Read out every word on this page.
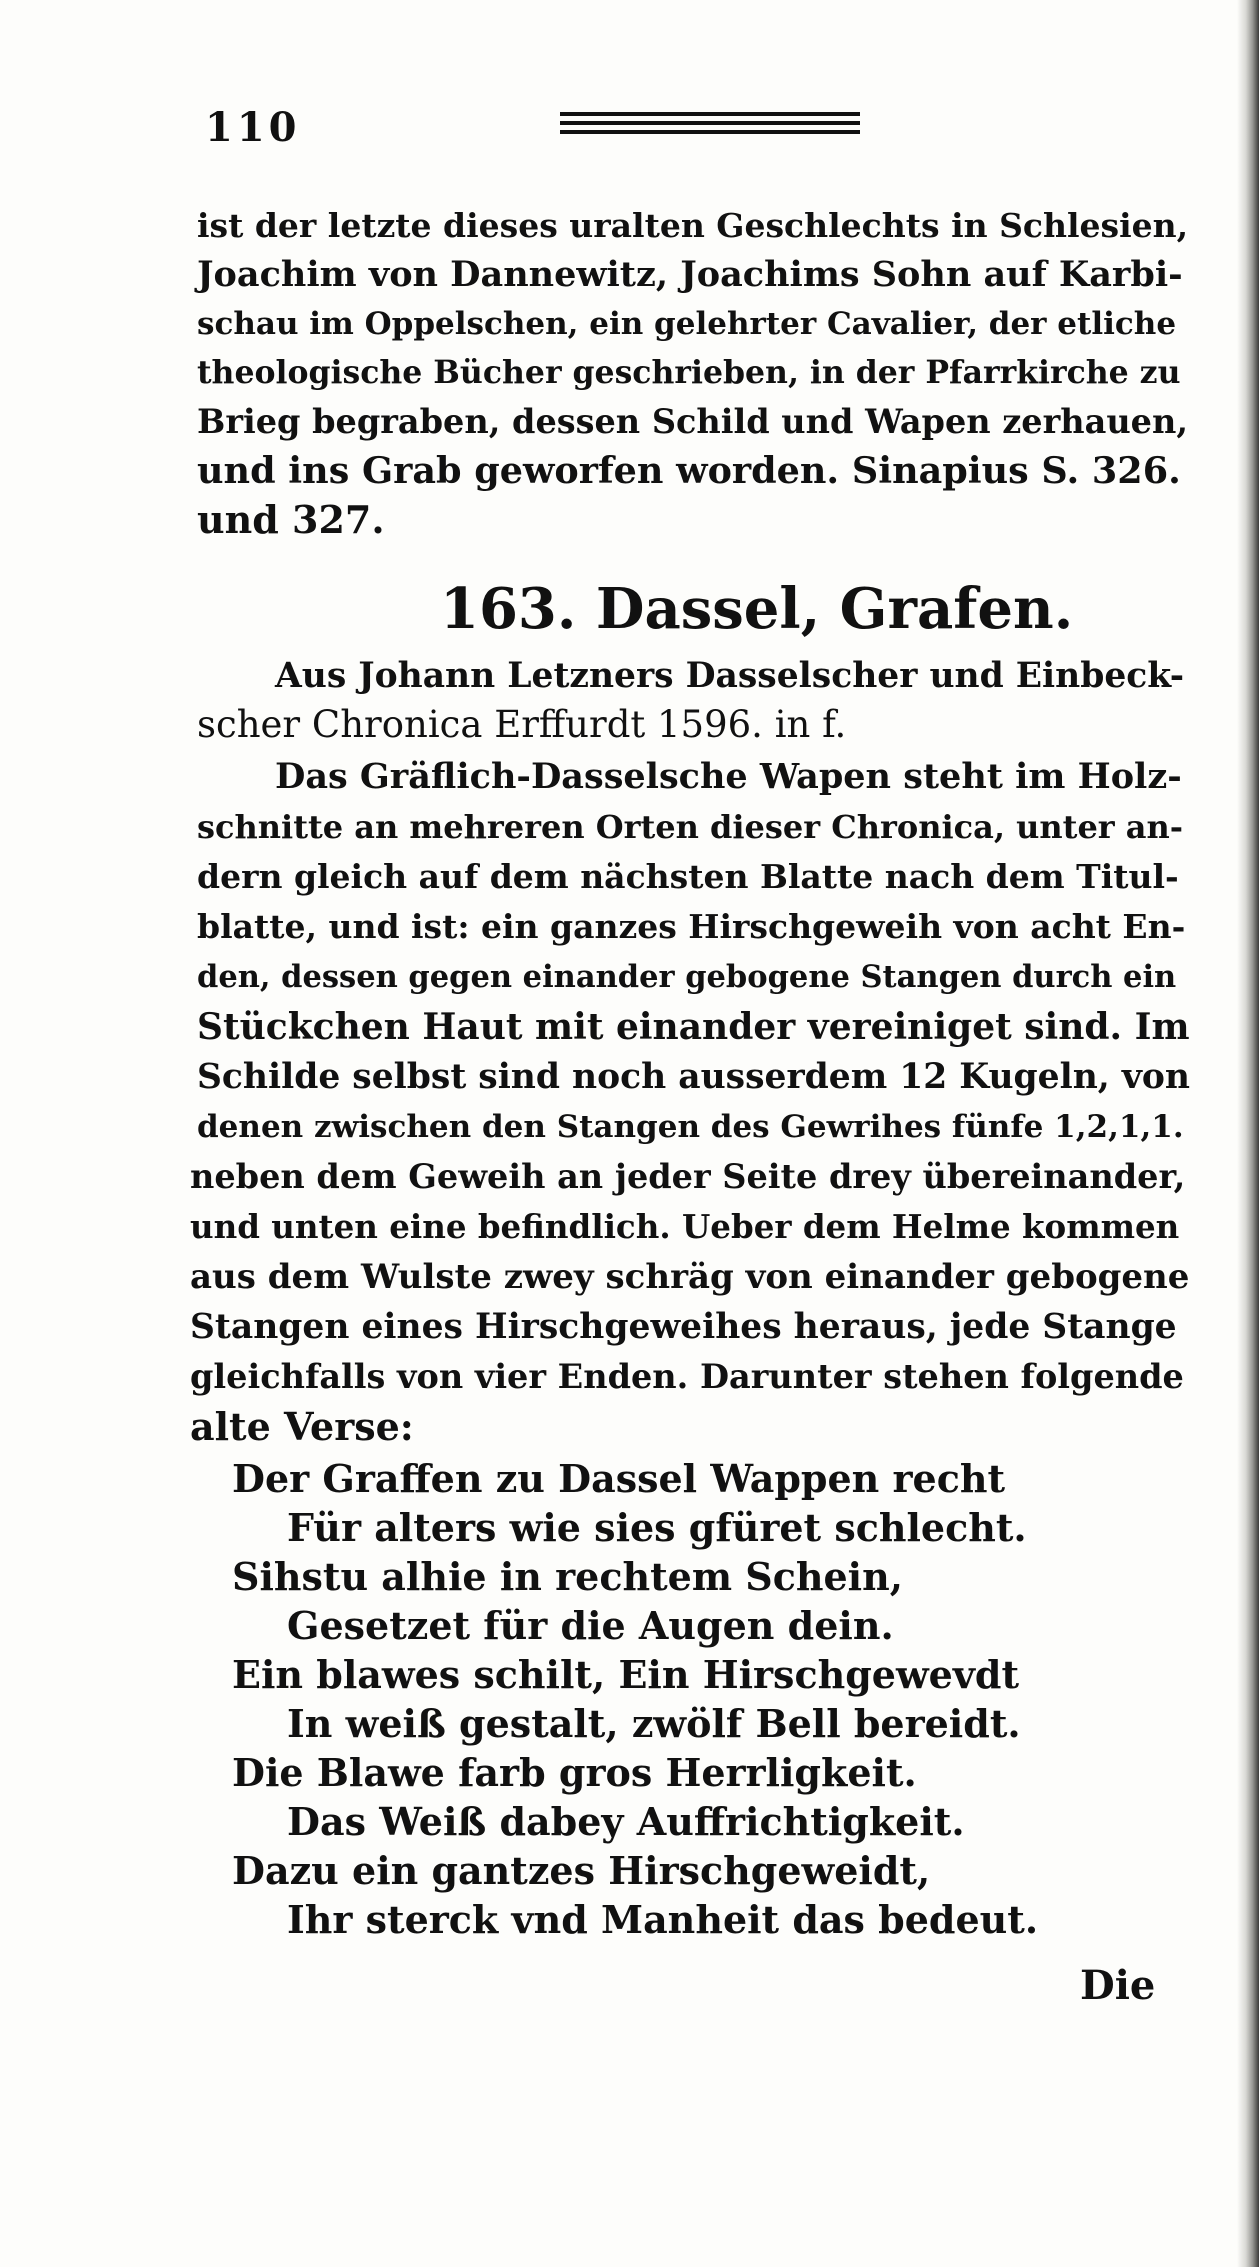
110
ist der letzte dieses uralten Geschlechts in Schlesien,
Joachim von Dannewitz, Joachims Sohn auf Karbi-
schau im Oppelschen, ein gelehrter Cavalier, der etliche
theologische Bücher geschrieben, in der Pfarrkirche zu
Brieg begraben, dessen Schild und Wapen zerhauen,
und ins Grab geworfen worden. Sinapius S. 326.
und 327.
163. Dassel, Grafen.
Aus Johann Letzners Dasselscher und Einbeck-
scher Chronica Erffurdt 1596. in f.
Das Gräflich-Dasselsche Wapen steht im Holz-
schnitte an mehreren Orten dieser Chronica, unter an-
dern gleich auf dem nächsten Blatte nach dem Titul-
blatte, und ist: ein ganzes Hirschgeweih von acht En-
den, dessen gegen einander gebogene Stangen durch ein
Stückchen Haut mit einander vereiniget sind. Im
Schilde selbst sind noch ausserdem 12 Kugeln, von
denen zwischen den Stangen des Gewrihes fünfe 1,2,1,1.
neben dem Geweih an jeder Seite drey übereinander,
und unten eine befindlich. Ueber dem Helme kommen
aus dem Wulste zwey schräg von einander gebogene
Stangen eines Hirschgeweihes heraus, jede Stange
gleichfalls von vier Enden. Darunter stehen folgende
alte Verse:
Der Graffen zu Dassel Wappen recht
Für alters wie sies gfüret schlecht.
Sihstu alhie in rechtem Schein,
Gesetzet für die Augen dein.
Ein blawes schilt, Ein Hirschgewevdt
In weiß gestalt, zwölf Bell bereidt.
Die Blawe farb gros Herrligkeit.
Das Weiß dabey Auffrichtigkeit.
Dazu ein gantzes Hirschgeweidt,
Ihr sterck vnd Manheit das bedeut.
Die
